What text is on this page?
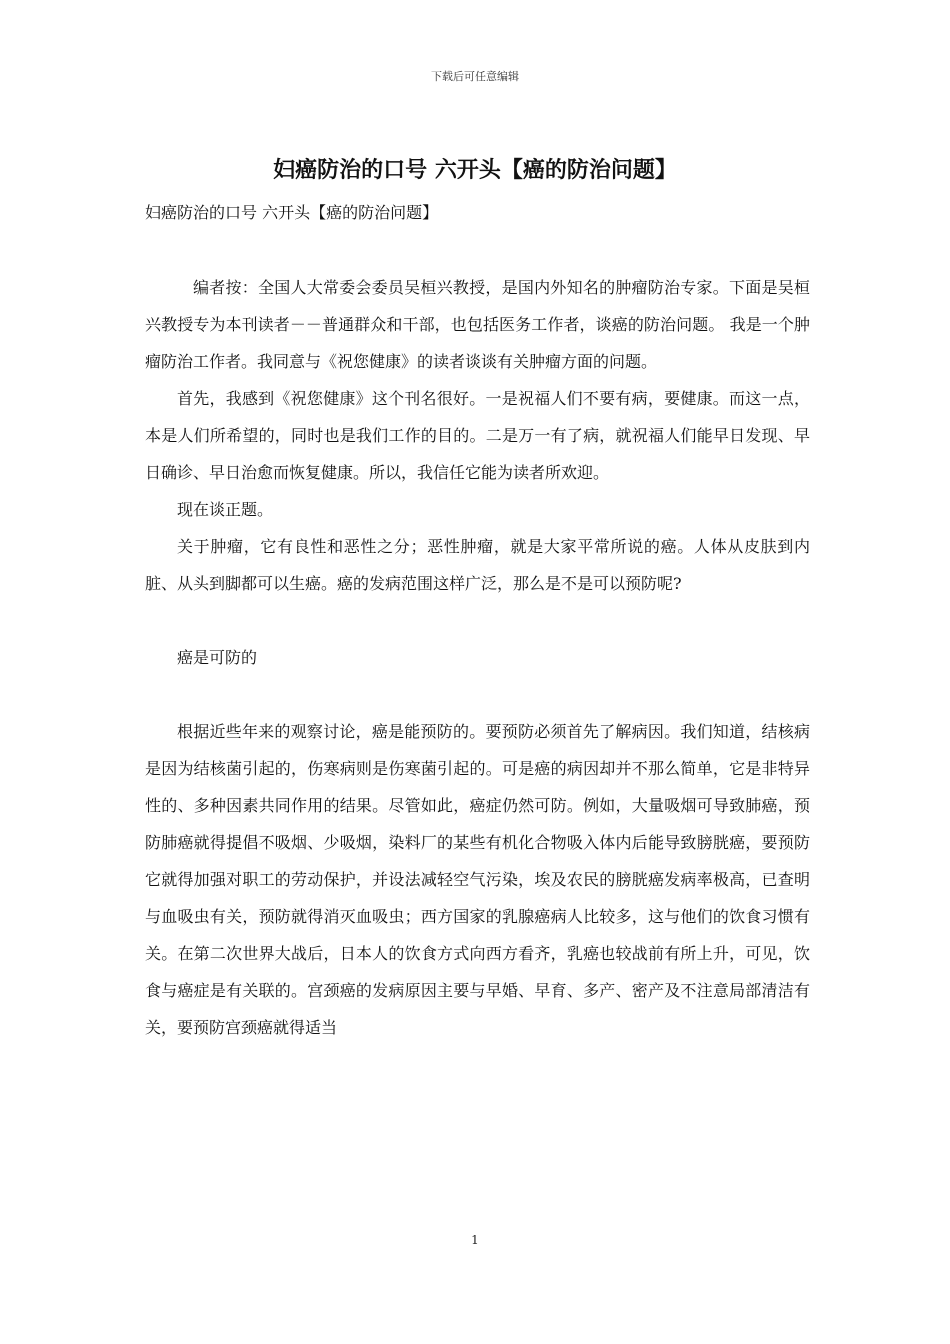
下载后可任意编辑
妇癌防治的口号 六开头【癌的防治问题】

妇癌防治的口号 六开头【癌的防治问题】

编者按：全国人大常委会委员吴桓兴教授，是国内外知名的肿瘤防治专家。下面是吴桓兴教授专为本刊读者－－普通群众和干部，也包括医务工作者，谈癌的防治问题。 我是一个肿瘤防治工作者。我同意与《祝您健康》的读者谈谈有关肿瘤方面的问题。

首先，我感到《祝您健康》这个刊名很好。一是祝福人们不要有病，要健康。而这一点，本是人们所希望的，同时也是我们工作的目的。二是万一有了病，就祝福人们能早日发现、早日确诊、早日治愈而恢复健康。所以，我信任它能为读者所欢迎。

现在谈正题。

关于肿瘤，它有良性和恶性之分；恶性肿瘤，就是大家平常所说的癌。人体从皮肤到内脏、从头到脚都可以生癌。癌的发病范围这样广泛，那么是不是可以预防呢?

癌是可防的

根据近些年来的观察讨论，癌是能预防的。要预防必须首先了解病因。我们知道，结核病是因为结核菌引起的，伤寒病则是伤寒菌引起的。可是癌的病因却并不那么简单，它是非特异性的、多种因素共同作用的结果。尽管如此，癌症仍然可防。例如，大量吸烟可导致肺癌，预防肺癌就得提倡不吸烟、少吸烟，染料厂的某些有机化合物吸入体内后能导致膀胱癌，要预防它就得加强对职工的劳动保护，并设法减轻空气污染，埃及农民的膀胱癌发病率极高，已查明与血吸虫有关，预防就得消灭血吸虫；西方国家的乳腺癌病人比较多，这与他们的饮食习惯有关。在第二次世界大战后，日本人的饮食方式向西方看齐，乳癌也较战前有所上升，可见，饮食与癌症是有关联的。宫颈癌的发病原因主要与早婚、早育、多产、密产及不注意局部清洁有关，要预防宫颈癌就得适当

1
